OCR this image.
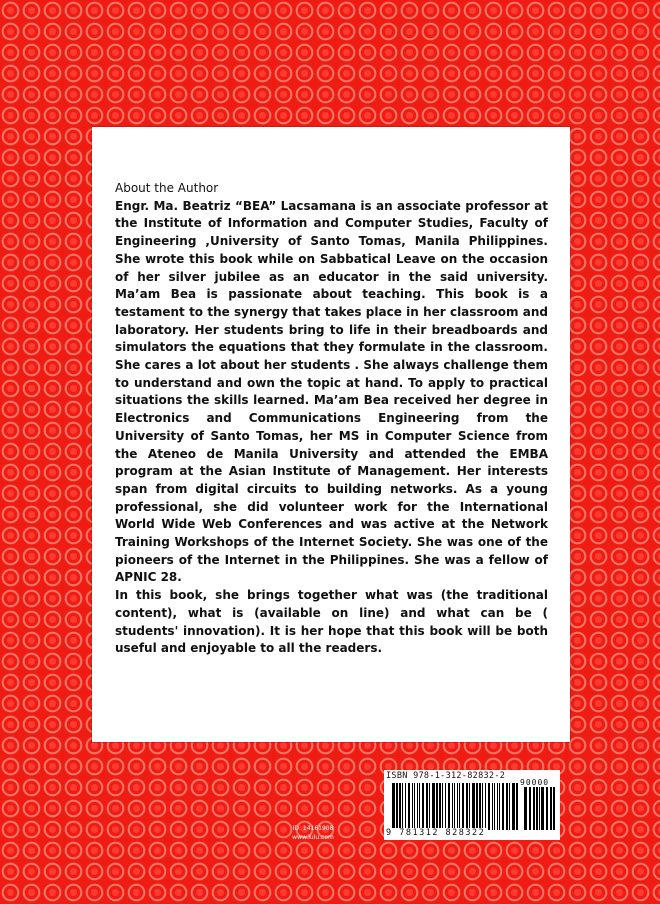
About the Author

Engr. Ma. Beatriz “BEA” Lacsamana is an associate professor at the Institute of Information and Computer Studies, Faculty of Engineering ,University of Santo Tomas, Manila Philippines. She wrote this book while on Sabbatical Leave on the occasion of her silver jubilee as an educator in the said university. Ma’am Bea is passionate about teaching. This book is a testament to the synergy that takes place in her classroom and laboratory. Her students bring to life in their breadboards and simulators the equations that they formulate in the classroom. She cares a lot about her students . She always challenge them to understand and own the topic at hand. To apply to practical situations the skills learned. Ma’am Bea received her degree in Electronics and Communications Engineering from the University of Santo Tomas, her MS in Computer Science from the Ateneo de Manila University and attended the EMBA program at the Asian Institute of Management. Her interests span from digital circuits to building networks. As a young professional, she did volunteer work for the International World Wide Web Conferences and was active at the Network Training Workshops of the Internet Society. She was one of the pioneers of the Internet in the Philippines. She was a fellow of APNIC 28.

In this book, she brings together what was (the traditional content), what is (available on line) and what can be ( students' innovation). It is her hope that this book will be both useful and enjoyable to all the readers.

ID: 14161908
www.lulu.com
ISBN 978-1-312-82832-2
90000
9 781312 828322
